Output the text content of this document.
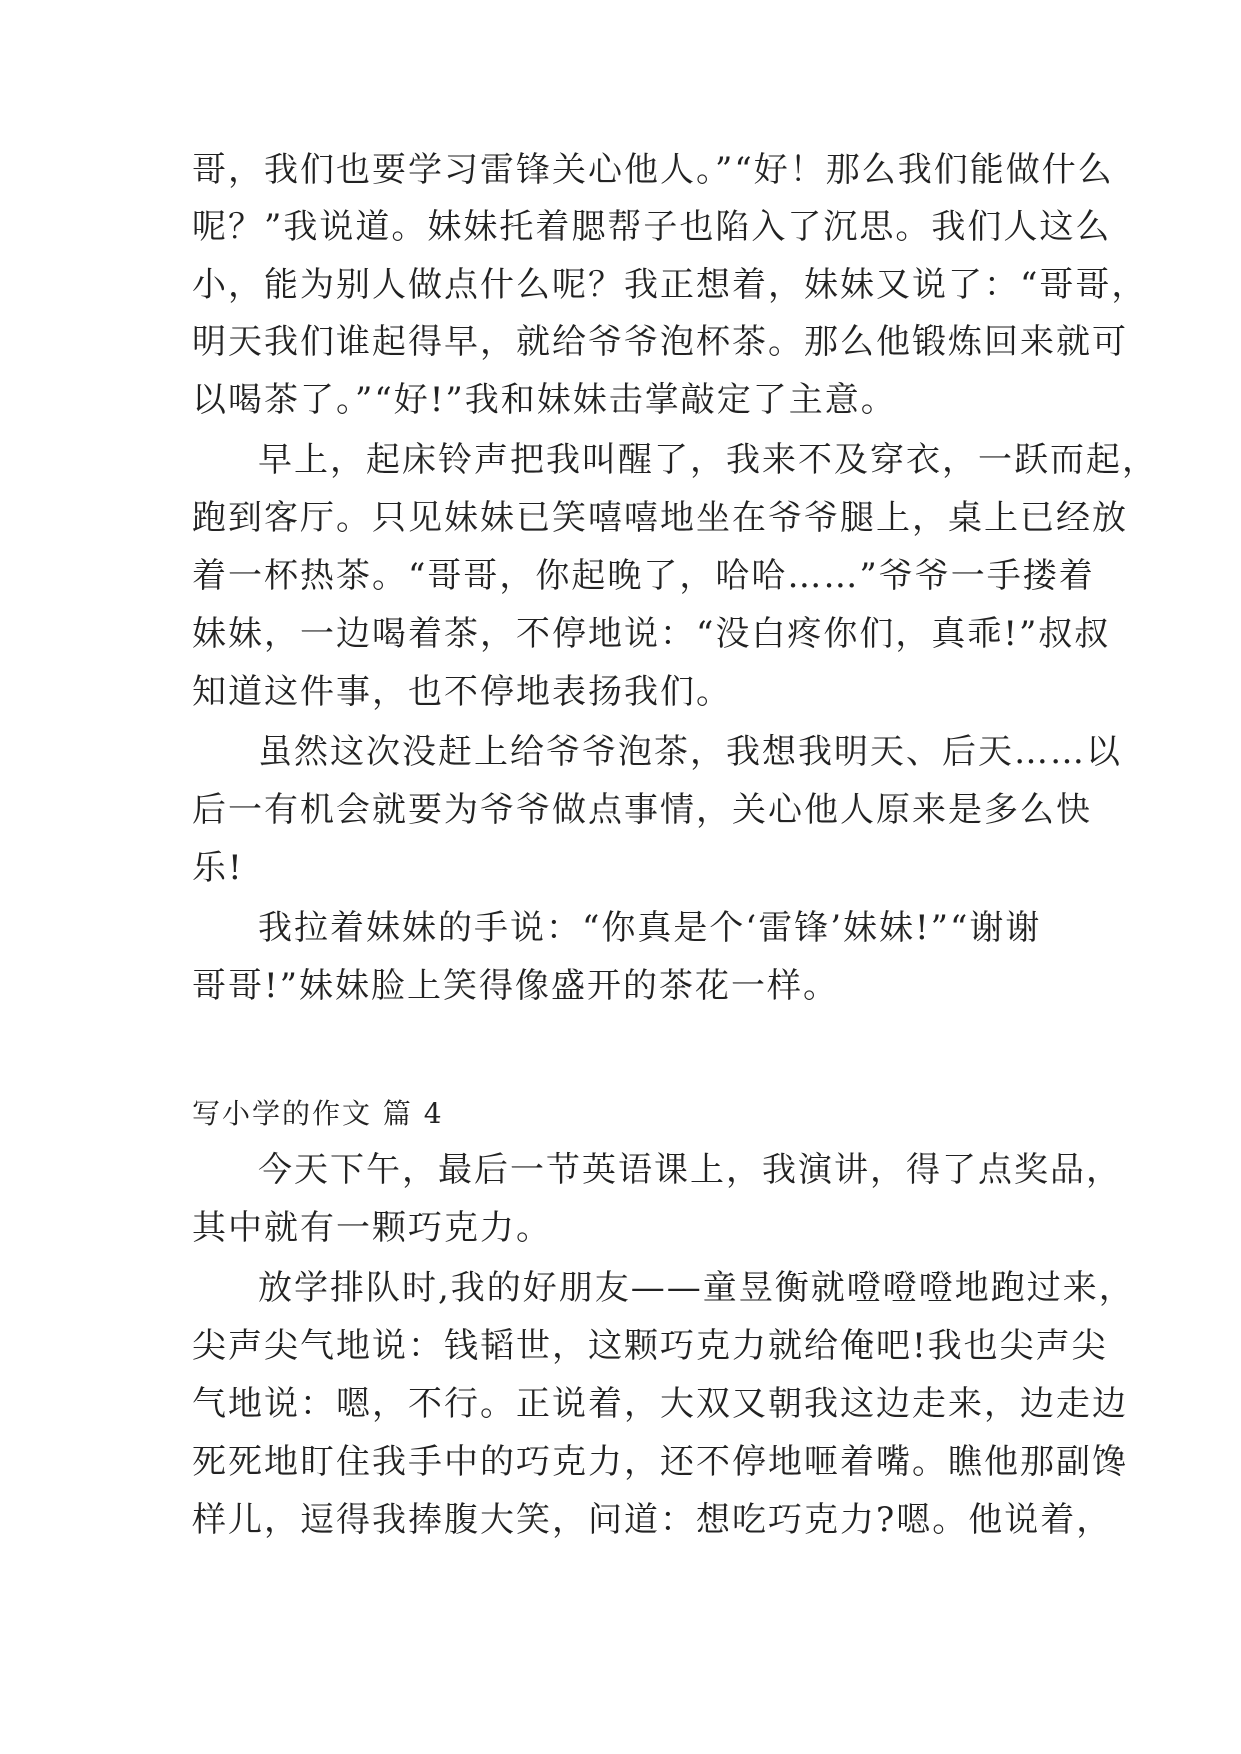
哥，我们也要学习雷锋关心他人。”“好！那么我们能做什么
呢？”我说道。妹妹托着腮帮子也陷入了沉思。我们人这么
小，能为别人做点什么呢？我正想着，妹妹又说了：“哥哥，
明天我们谁起得早，就给爷爷泡杯茶。那么他锻炼回来就可
以喝茶了。”“好!”我和妹妹击掌敲定了主意。
早上，起床铃声把我叫醒了，我来不及穿衣，一跃而起，
跑到客厅。只见妹妹已笑嘻嘻地坐在爷爷腿上，桌上已经放
着一杯热茶。“哥哥，你起晚了，哈哈……”爷爷一手搂着
妹妹，一边喝着茶，不停地说：“没白疼你们，真乖!”叔叔
知道这件事，也不停地表扬我们。
虽然这次没赶上给爷爷泡茶，我想我明天、后天……以
后一有机会就要为爷爷做点事情，关心他人原来是多么快
乐!
我拉着妹妹的手说：“你真是个‘雷锋’妹妹!”“谢谢
哥哥!”妹妹脸上笑得像盛开的茶花一样。
写小学的作文 篇 4
今天下午，最后一节英语课上，我演讲，得了点奖品，
其中就有一颗巧克力。
放学排队时,我的好朋友——童昱衡就噔噔噔地跑过来，
尖声尖气地说：钱韬世，这颗巧克力就给俺吧!我也尖声尖
气地说：嗯，不行。正说着，大双又朝我这边走来，边走边
死死地盯住我手中的巧克力，还不停地咂着嘴。瞧他那副馋
样儿，逗得我捧腹大笑，问道：想吃巧克力?嗯。他说着，
